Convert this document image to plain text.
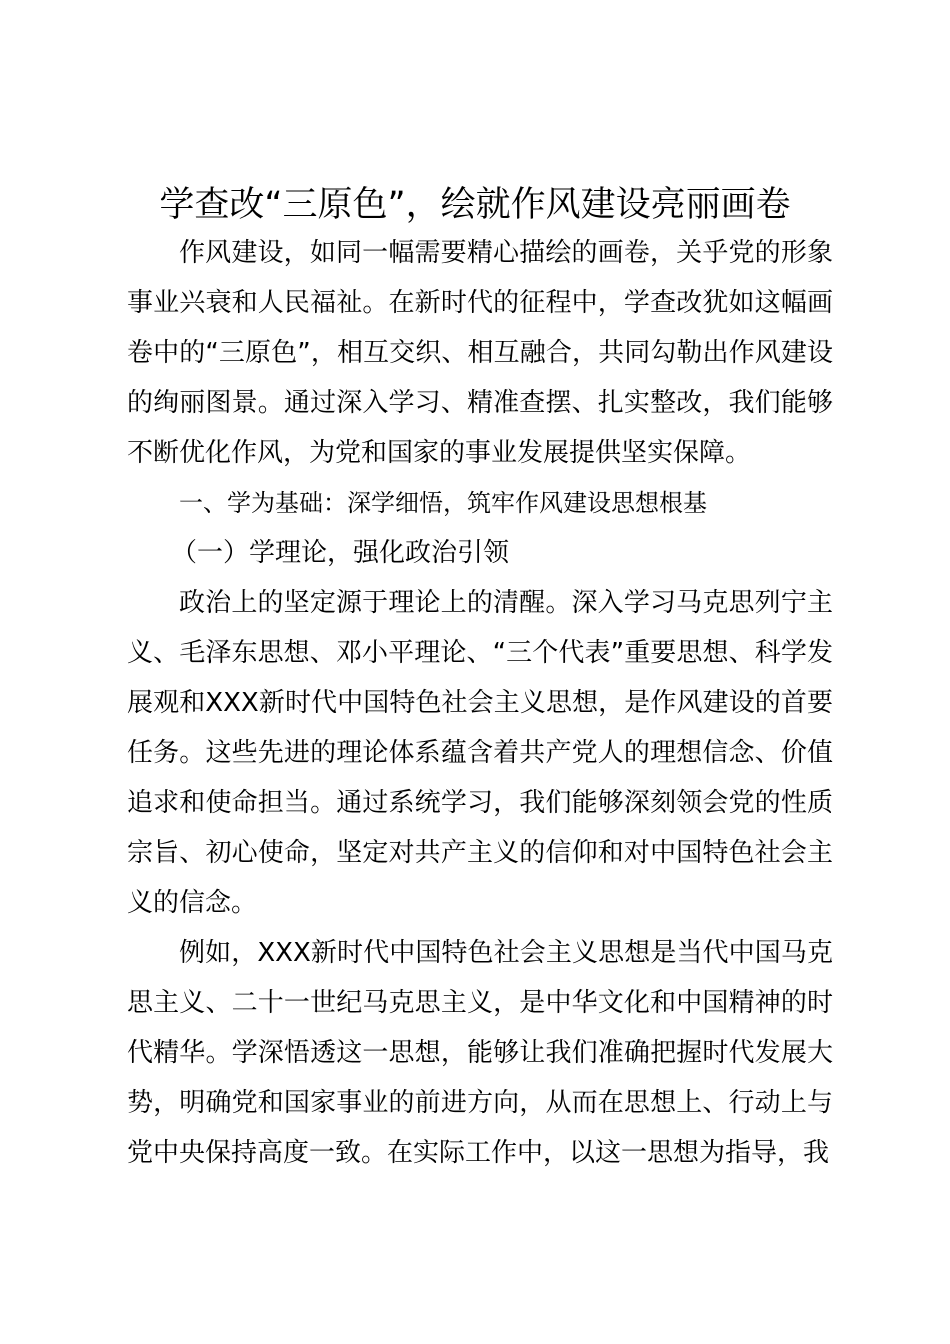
学查改“三原色”，绘就作风建设亮丽画卷

作风建设，如同一幅需要精心描绘的画卷，关乎党的形象事业兴衰和人民福祉。在新时代的征程中，学查改犹如这幅画卷中的“三原色”，相互交织、相互融合，共同勾勒出作风建设的绚丽图景。通过深入学习、精准查摆、扎实整改，我们能够不断优化作风，为党和国家的事业发展提供坚实保障。

一、学为基础：深学细悟，筑牢作风建设思想根基

（一）学理论，强化政治引领

政治上的坚定源于理论上的清醒。深入学习马克思列宁主义、毛泽东思想、邓小平理论、“三个代表”重要思想、科学发展观和XXX新时代中国特色社会主义思想，是作风建设的首要任务。这些先进的理论体系蕴含着共产党人的理想信念、价值追求和使命担当。通过系统学习，我们能够深刻领会党的性质宗旨、初心使命，坚定对共产主义的信仰和对中国特色社会主义的信念。

例如，XXX新时代中国特色社会主义思想是当代中国马克思主义、二十一世纪马克思主义，是中华文化和中国精神的时代精华。学深悟透这一思想，能够让我们准确把握时代发展大势，明确党和国家事业的前进方向，从而在思想上、行动上与党中央保持高度一致。在实际工作中，以这一思想为指导，我
